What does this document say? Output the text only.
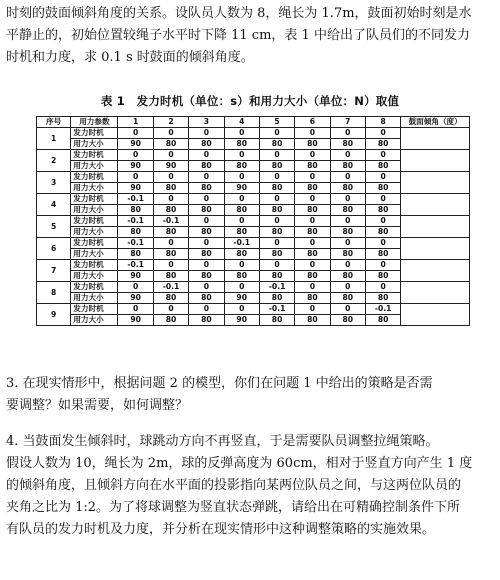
时刻的鼓面倾斜角度的关系。设队员人数为 8，绳长为 1.7m，鼓面初始时刻是水
平静止的，初始位置较绳子水平时下降 11 cm，表 1 中给出了队员们的不同发力
时机和力度，求 0.1 s 时鼓面的倾斜角度。

表 1　发力时机（单位：s）和用力大小（单位：N）取值
序号	用力参数	1	2	3	4	5	6	7	8	鼓面倾角（度）
1	发力时机	0	0	0	0	0	0	0	0	
	用力大小	90	80	80	80	80	80	80	80	
2	发力时机	0	0	0	0	0	0	0	0	
	用力大小	90	90	80	80	80	80	80	80	
3	发力时机	0	0	0	0	0	0	0	0	
	用力大小	90	80	80	90	80	80	80	80	
4	发力时机	-0.1	0	0	0	0	0	0	0	
	用力大小	80	80	80	80	80	80	80	80	
5	发力时机	-0.1	-0.1	0	0	0	0	0	0	
	用力大小	80	80	80	80	80	80	80	80	
6	发力时机	-0.1	0	0	-0.1	0	0	0	0	
	用力大小	80	80	80	80	80	80	80	80	
7	发力时机	-0.1	0	0	0	0	0	0	0	
	用力大小	90	80	80	80	80	80	80	80	
8	发力时机	0	-0.1	0	0	-0.1	0	0	0	
	用力大小	90	80	80	90	80	80	80	80	
9	发力时机	0	0	0	0	-0.1	0	0	-0.1	
	用力大小	90	80	80	90	80	80	80	80	

3. 在现实情形中，根据问题 2 的模型，你们在问题 1 中给出的策略是否需
要调整？如果需要，如何调整？

4. 当鼓面发生倾斜时，球跳动方向不再竖直，于是需要队员调整拉绳策略。
假设人数为 10，绳长为 2m，球的反弹高度为 60cm，相对于竖直方向产生 1 度
的倾斜角度，且倾斜方向在水平面的投影指向某两位队员之间，与这两位队员的
夹角之比为 1:2。为了将球调整为竖直状态弹跳，请给出在可精确控制条件下所
有队员的发力时机及力度，并分析在现实情形中这种调整策略的实施效果。
